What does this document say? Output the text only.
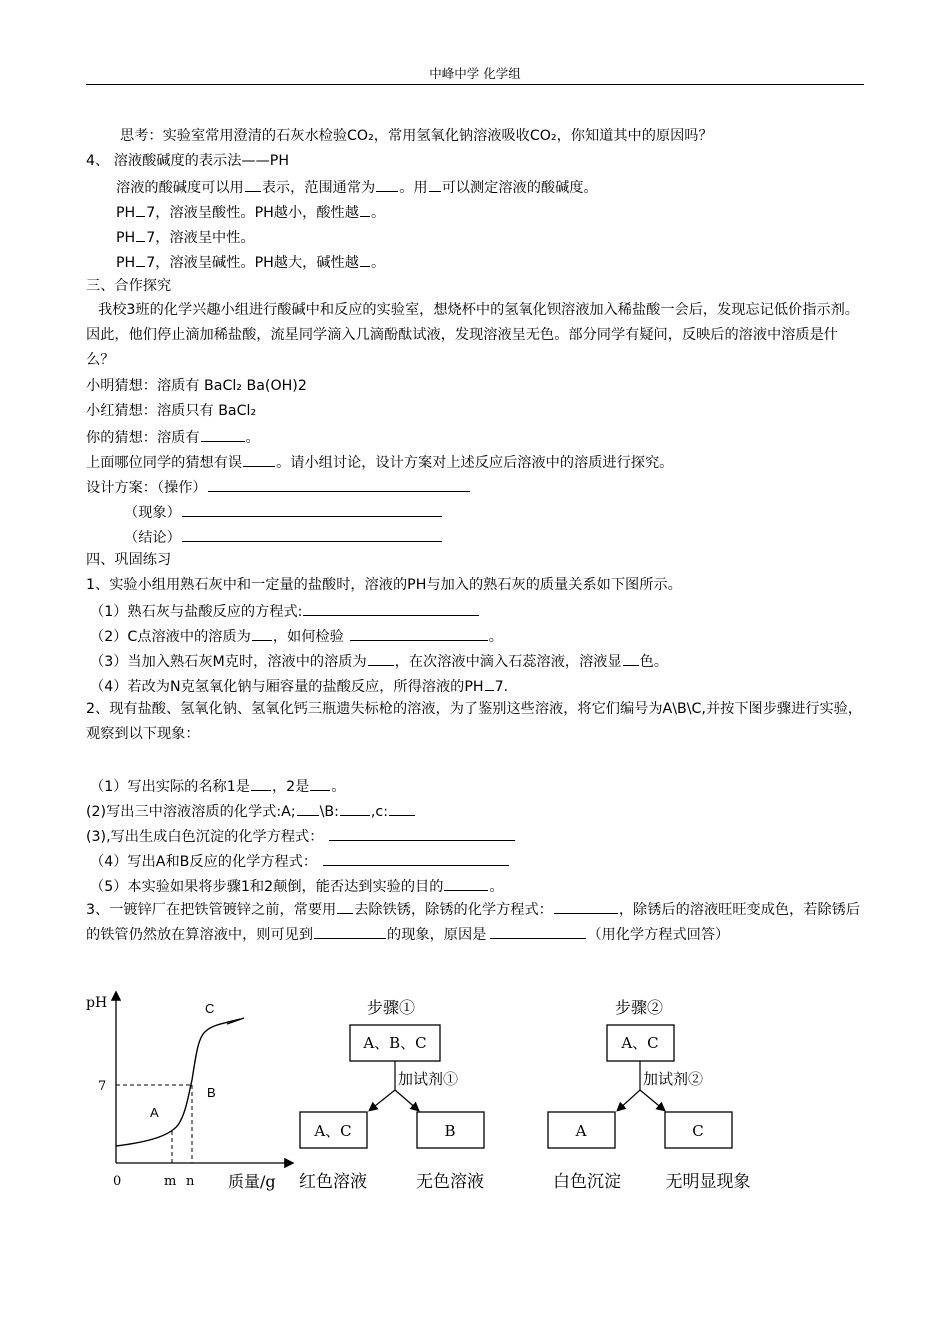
中峰中学 化学组
思考：实验室常用澄清的石灰水检验CO₂，常用氢氧化钠溶液吸收CO₂，你知道其中的原因吗？
4、 溶液酸碱度的表示法——PH
溶液的酸碱度可以用 表示，范围通常为 。用 可以测定溶液的酸碱度。
PH 7，溶液呈酸性。PH越小，酸性越 。
PH 7，溶液呈中性。
PH 7，溶液呈碱性。PH越大，碱性越 。
三、合作探究
我校3班的化学兴趣小组进行酸碱中和反应的实验室，想烧杯中的氢氧化钡溶液加入稀盐酸一会后，发现忘记低价指示剂。因此，他们停止滴加稀盐酸，流星同学滴入几滴酚酞试液，发现溶液呈无色。部分同学有疑问，反映后的溶液中溶质是什么？
小明猜想：溶质有 BaCl₂ Ba(OH)2
小红猜想：溶质只有 BaCl₂
你的猜想：溶质有	。
上面哪位同学的猜想有误 。请小组讨论，设计方案对上述反应后溶液中的溶质进行探究。
设计方案：（操作）
（现象）
（结论）
四、巩固练习
1、实验小组用熟石灰中和一定量的盐酸时，溶液的PH与加入的熟石灰的质量关系如下图所示。
（1）熟石灰与盐酸反应的方程式:
（2）C点溶液中的溶质为 ，如何检验	。
（3）当加入熟石灰M克时，溶液中的溶质为 ，在次溶液中滴入石蕊溶液，溶液显 色。
（4）若改为N克氢氧化钠与厢容量的盐酸反应，所得溶液的PH 7.
2、现有盐酸、氢氧化钠、氢氧化钙三瓶遗失标枪的溶液，为了鉴别这些溶液，将它们编号为A\B\C,并按下图步骤进行实验，观察到以下现象：
（1）写出实际的名称1是 ，2是 。
(2)写出三中溶液溶质的化学式:A; \B: ,c:
(3),写出生成白色沉淀的化学方程式：
（4）写出A和B反应的化学方程式：
（5）本实验如果将步骤1和2颠倒，能否达到实验的目的	。
3、一镀锌厂在把铁管镀锌之前，常要用 去除铁锈，除锈的化学方程式：	，除锈后的溶液旺旺变成色，若除锈后的铁管仍然放在算溶液中，则可见到	的现象，原因是	（用化学方程式回答）
pH
7
A
B
C
0	m n 质量/g
步骤①
A、B、C
加试剂①
A、C	B
红色溶液	无色溶液
步骤②
A、C
加试剂②
A	C
白色沉淀	无明显现象
